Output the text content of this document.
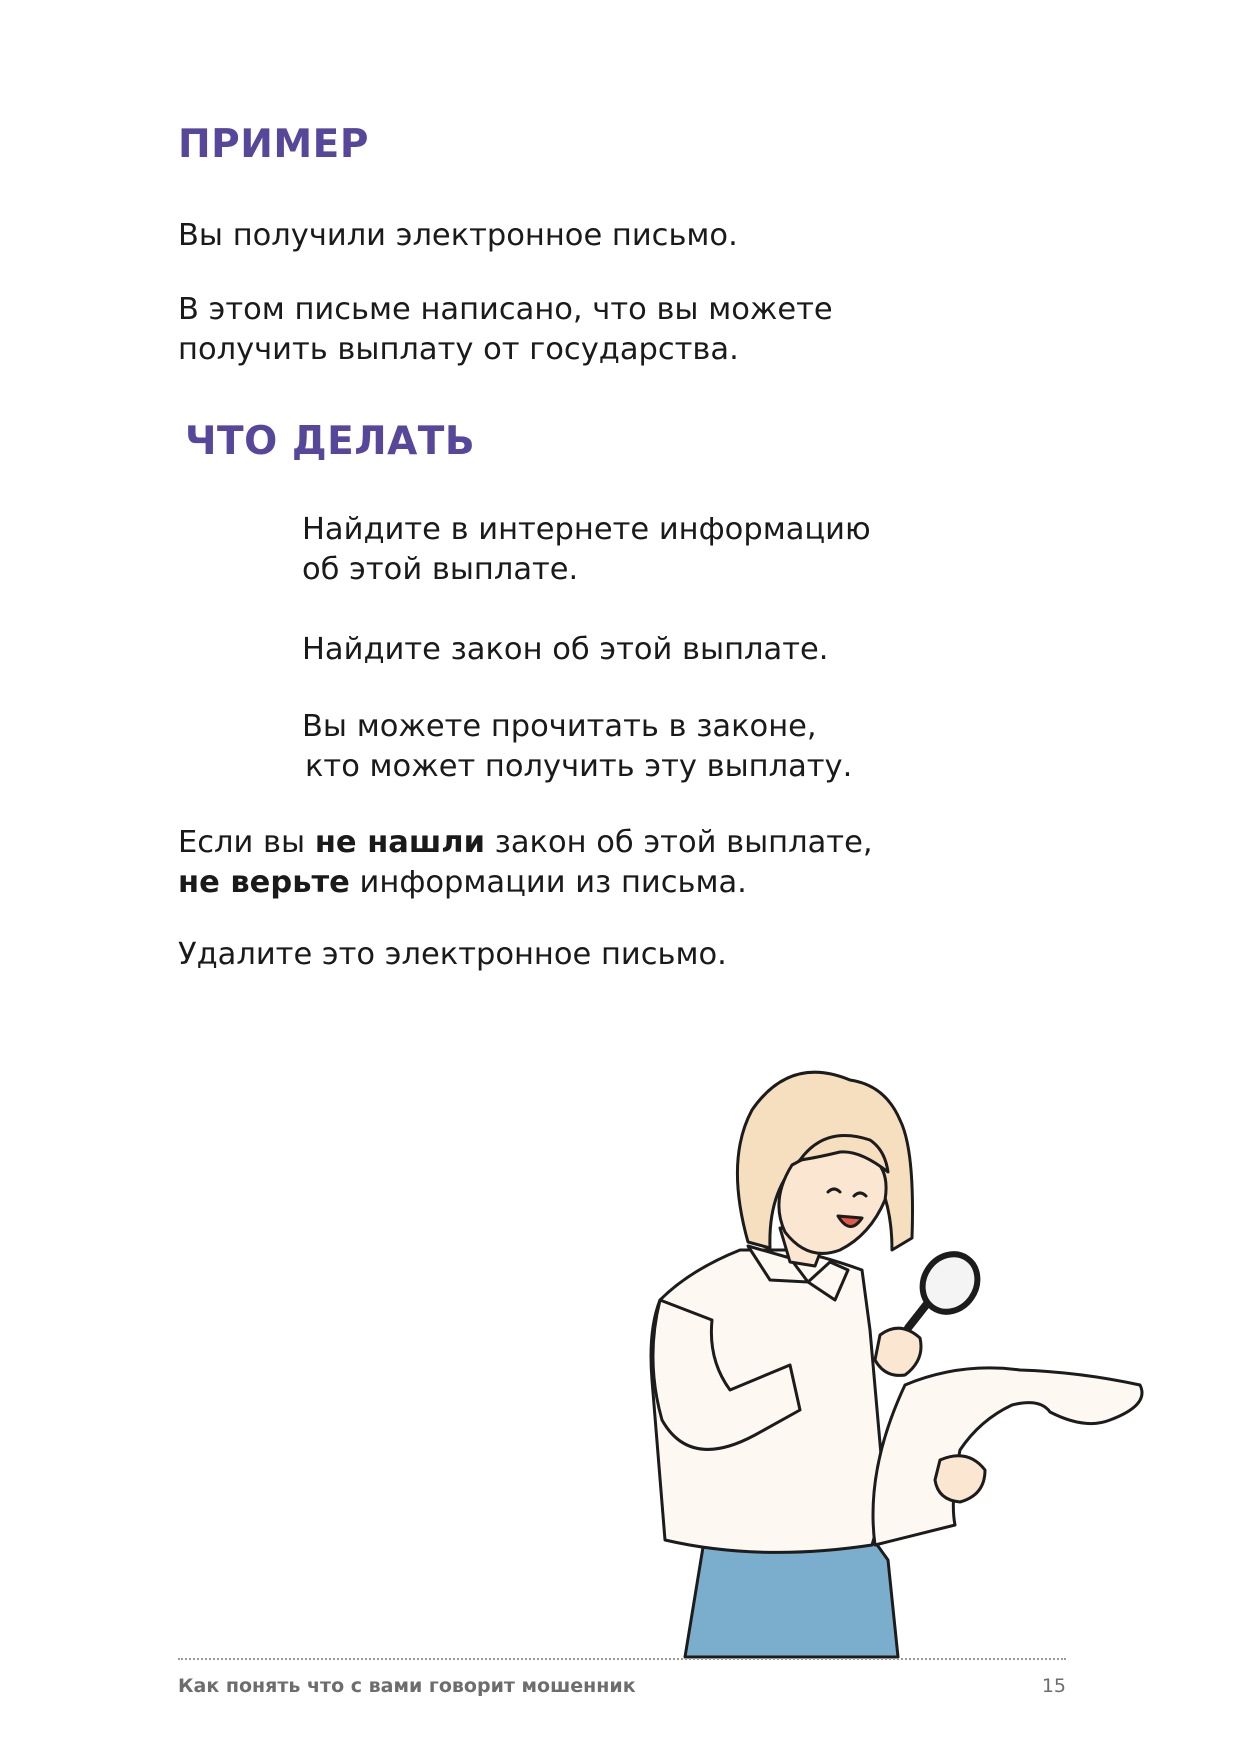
ПРИМЕР

Вы получили электронное письмо.

В этом письме написано, что вы можете
получить выплату от государства.

ЧТО ДЕЛАТЬ

Найдите в интернете информацию
об этой выплате.

Найдите закон об этой выплате.

Вы можете прочитать в законе,
кто может получить эту выплату.

Если вы не нашли закон об этой выплате,
не верьте информации из письма.

Удалите это электронное письмо.

Как понять что с вами говорит мошенник	15
